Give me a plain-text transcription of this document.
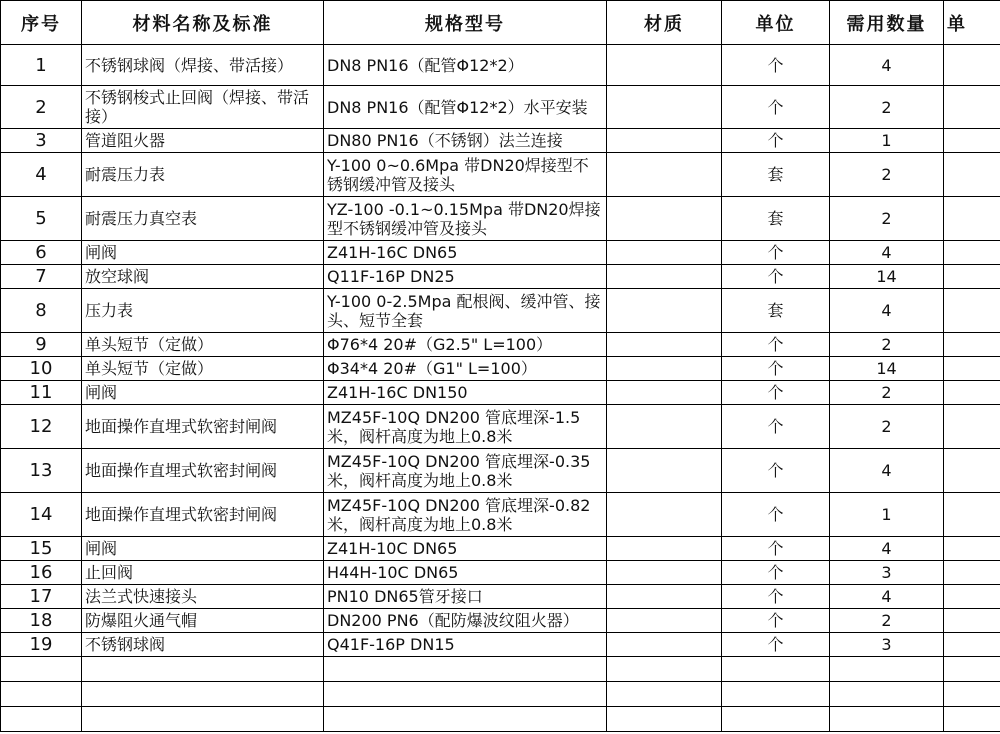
序号	材料名称及标准	规格型号	材质	单位	需用数量	单
1	不锈钢球阀（焊接、带活接）	DN8 PN16（配管Φ12*2）		个	4	
2	不锈钢梭式止回阀（焊接、带活接）	DN8 PN16（配管Φ12*2）水平安装		个	2	
3	管道阻火器	DN80 PN16（不锈钢）法兰连接		个	1	
4	耐震压力表	Y-100 0~0.6Mpa 带DN20焊接型不锈钢缓冲管及接头		套	2	
5	耐震压力真空表	YZ-100 -0.1~0.15Mpa 带DN20焊接型不锈钢缓冲管及接头		套	2	
6	闸阀	Z41H-16C DN65		个	4	
7	放空球阀	Q11F-16P DN25		个	14	
8	压力表	Y-100 0-2.5Mpa 配根阀、缓冲管、接头、短节全套		套	4	
9	单头短节（定做）	Φ76*4 20#（G2.5" L=100）		个	2	
10	单头短节（定做）	Φ34*4 20#（G1" L=100）		个	14	
11	闸阀	Z41H-16C DN150		个	2	
12	地面操作直埋式软密封闸阀	MZ45F-10Q DN200 管底埋深-1.5米，阀杆高度为地上0.8米		个	2	
13	地面操作直埋式软密封闸阀	MZ45F-10Q DN200 管底埋深-0.35米，阀杆高度为地上0.8米		个	4	
14	地面操作直埋式软密封闸阀	MZ45F-10Q DN200 管底埋深-0.82米，阀杆高度为地上0.8米		个	1	
15	闸阀	Z41H-10C DN65		个	4	
16	止回阀	H44H-10C DN65		个	3	
17	法兰式快速接头	PN10 DN65管牙接口		个	4	
18	防爆阻火通气帽	DN200 PN6（配防爆波纹阻火器）		个	2	
19	不锈钢球阀	Q41F-16P DN15		个	3	
